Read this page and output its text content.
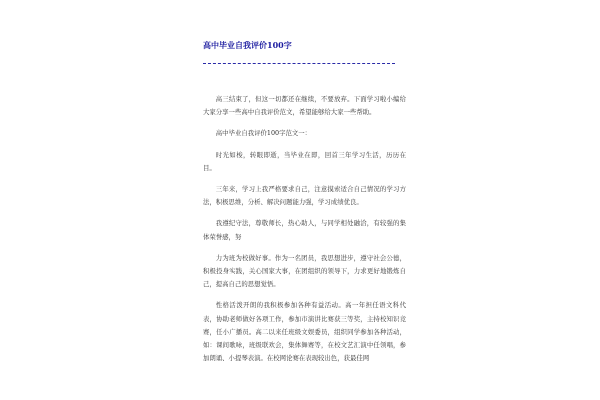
高中毕业自我评价100字

高三结束了，但这一切都还在继续，不要放弃。下面学习啦小编给大家分享一些高中自我评价范文，希望能够给大家一些帮助。

高中毕业自我评价100字范文一：

时光如梭，转眼即逝，当毕业在即，回首三年学习生活，历历在目。

三年来，学习上我严格要求自己，注意摸索适合自己情况的学习方法，积极思维，分析、解决问题能力强，学习成绩优良。

我遵纪守法，尊敬师长，热心助人，与同学相处融洽，有较强的集体荣誉感，努

力为班为校做好事。作为一名团员，我思想进步，遵守社会公德，积极投身实践，关心国家大事，在团组织的领导下，力求更好地锻炼自己，提高自己的思想觉悟。

性格活泼开朗的我积极参加各种有益活动。高一年担任语文科代表，协助老师做好各项工作，参加市演讲比赛获三等奖，主持校知识竞赛，任小广播员。高二以来任班级文娱委员，组织同学参加各种活动，如：课间歌咏，班级联欢会，集体舞赛等，在校文艺汇演中任领唱，参加朗诵、小提琴表演。在校网论赛在表现较出色，获最佳网
